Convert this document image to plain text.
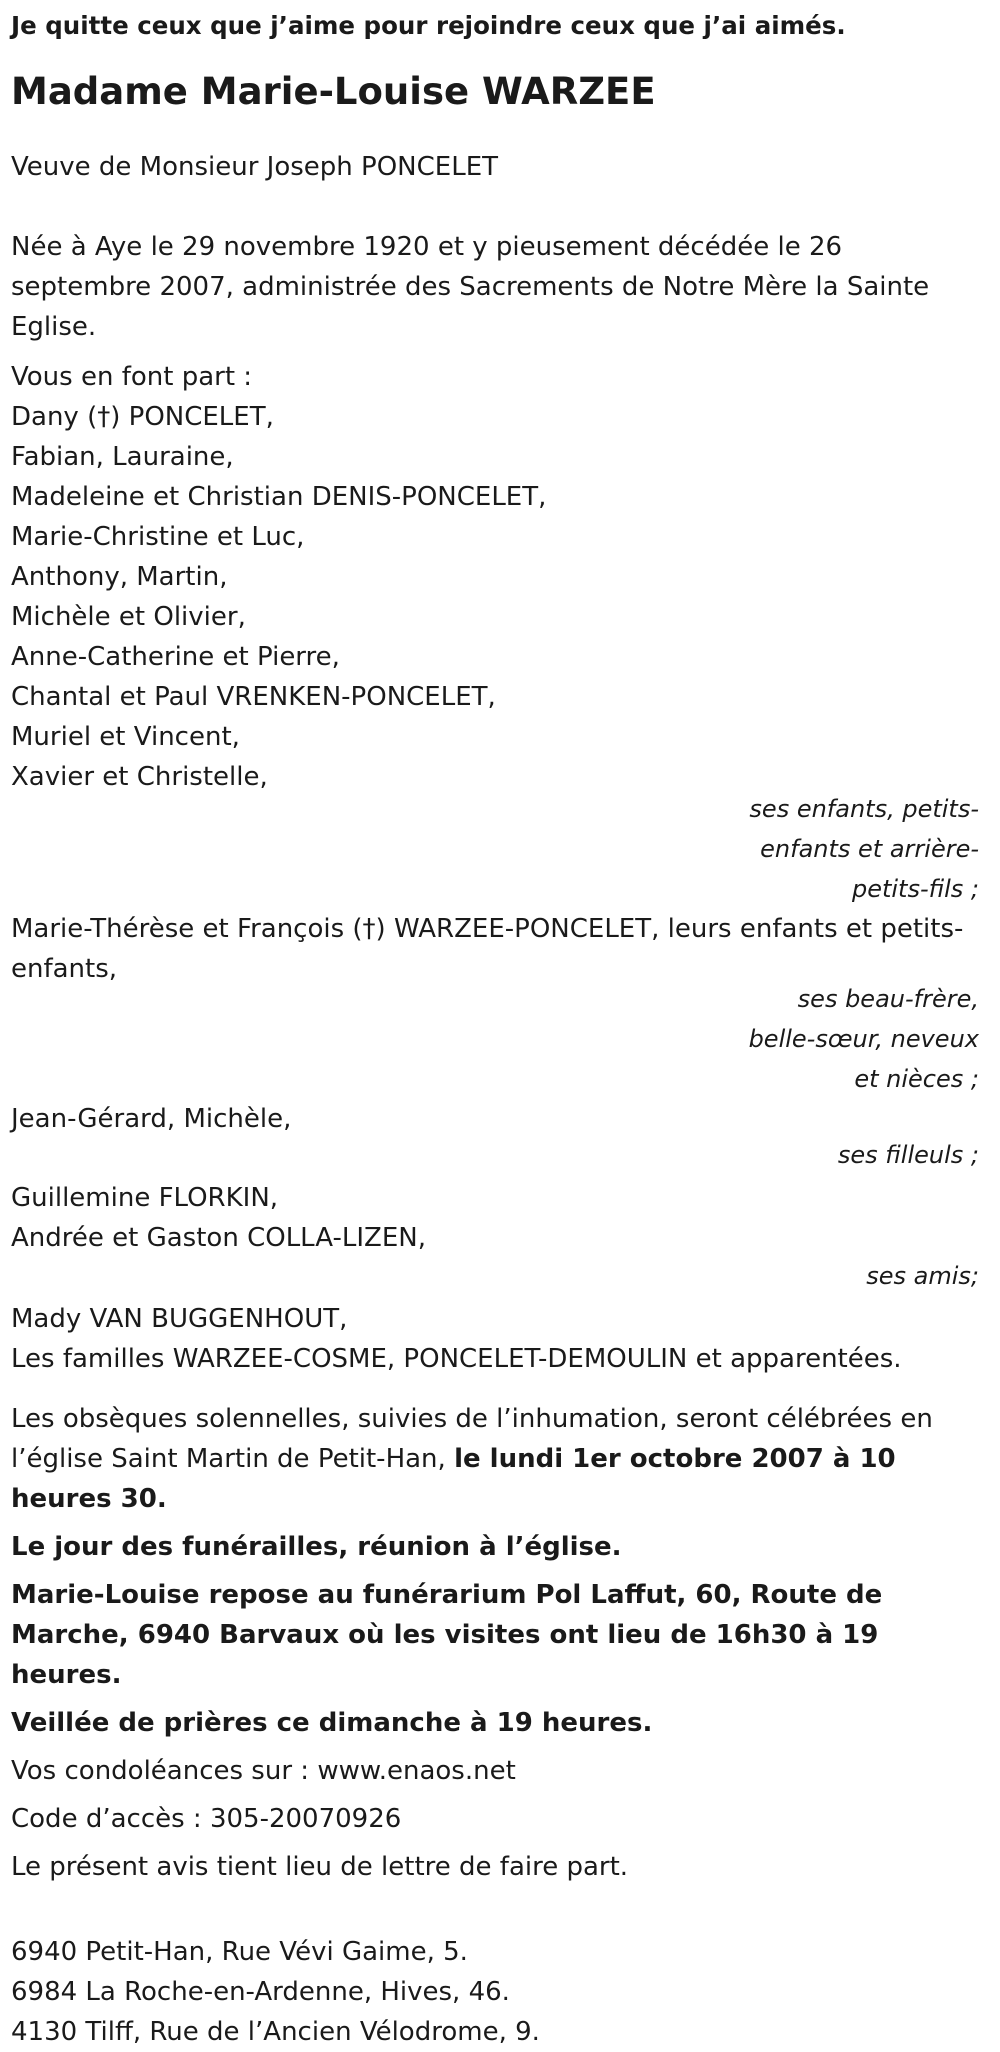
Je quitte ceux que j’aime pour rejoindre ceux que j’ai aimés.
Madame Marie-Louise WARZEE
Veuve de Monsieur Joseph PONCELET
Née à Aye le 29 novembre 1920 et y pieusement décédée le 26 septembre 2007, administrée des Sacrements de Notre Mère la Sainte Eglise.
Vous en font part :
Dany (†) PONCELET,
Fabian, Lauraine,
Madeleine et Christian DENIS-PONCELET,
Marie-Christine et Luc,
Anthony, Martin,
Michèle et Olivier,
Anne-Catherine et Pierre,
Chantal et Paul VRENKEN-PONCELET,
Muriel et Vincent,
Xavier et Christelle,
ses enfants, petits-enfants et arrière-petits-fils ;
Marie-Thérèse et François (†) WARZEE-PONCELET, leurs enfants et petits-enfants,
ses beau-frère, belle-sœur, neveux et nièces ;
Jean-Gérard, Michèle,
ses filleuls ;
Guillemine FLORKIN,
Andrée et Gaston COLLA-LIZEN,
ses amis;
Mady VAN BUGGENHOUT,
Les familles WARZEE-COSME, PONCELET-DEMOULIN et apparentées.
Les obsèques solennelles, suivies de l’inhumation, seront célébrées en l’église Saint Martin de Petit-Han, le lundi 1er octobre 2007 à 10 heures 30.
Le jour des funérailles, réunion à l’église.
Marie-Louise repose au funérarium Pol Laffut, 60, Route de Marche, 6940 Barvaux où les visites ont lieu de 16h30 à 19 heures.
Veillée de prières ce dimanche à 19 heures.
Vos condoléances sur : www.enaos.net
Code d’accès : 305-20070926
Le présent avis tient lieu de lettre de faire part.
6940 Petit-Han, Rue Vévi Gaime, 5.
6984 La Roche-en-Ardenne, Hives, 46.
4130 Tilff, Rue de l’Ancien Vélodrome, 9.
